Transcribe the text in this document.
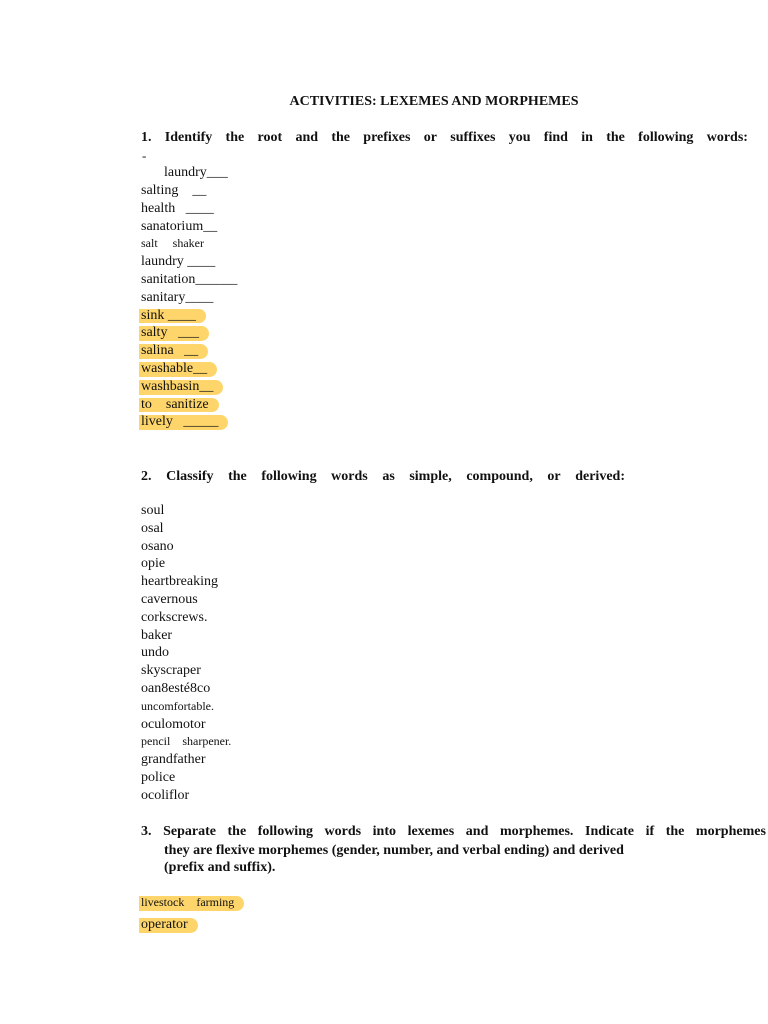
ACTIVITIES: LEXEMES AND MORPHEMES
1. Identify the root and the prefixes or suffixes you find in the following words:
-
laundry___
salting    __
health   ____
sanatorium__
salt     shaker
laundry ____
sanitation______
sanitary____
sink ____
salty   ___
salina   __
washable__
washbasin__
to    sanitize
lively   _____
2. Classify the following words as simple, compound, or derived:
soul
osal
osano
opie
heartbreaking
cavernous
corkscrews.
baker
undo
skyscraper
oan8esté8co
uncomfortable.
oculomotor
pencil    sharpener.
grandfather
police
ocoliflor
3. Separate the following words into lexemes and morphemes. Indicate if the morphemes
they are flexive morphemes (gender, number, and verbal ending) and derived
(prefix and suffix).
livestock    farming
operator
